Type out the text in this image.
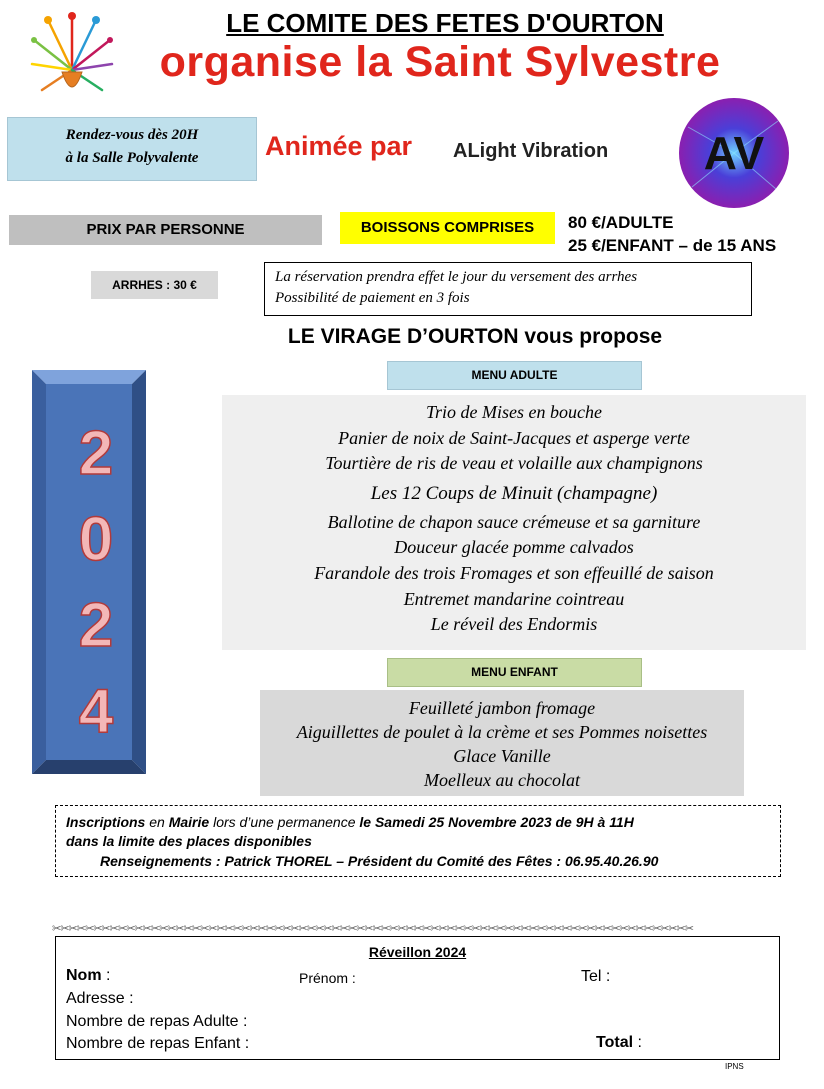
LE COMITE DES FETES D'OURTON
organise la Saint Sylvestre
Rendez-vous dès 20H
à la Salle Polyvalente	Animée par ALight Vibration AV
PRIX PAR PERSONNE	BOISSONS COMPRISES	80 €/ADULTE
25 €/ENFANT – de 15 ANS
ARRHES : 30 €	La réservation prendra effet le jour du versement des arrhes
Possibilité de paiement en 3 fois
LE VIRAGE D’OURTON vous propose
2
0
2
4
MENU ADULTE
Trio de Mises en bouche
Panier de noix de Saint-Jacques et asperge verte
Tourtière de ris de veau et volaille aux champignons
Les 12 Coups de Minuit (champagne)
Ballotine de chapon sauce crémeuse et sa garniture
Douceur glacée pomme calvados
Farandole des trois Fromages et son effeuillé de saison
Entremet mandarine cointreau
Le réveil des Endormis
MENU ENFANT
Feuilleté jambon fromage
Aiguillettes de poulet à la crème et ses Pommes noisettes
Glace Vanille
Moelleux au chocolat
Inscriptions en Mairie lors d’une permanence le Samedi 25 Novembre 2023 de 9H à 11H
dans la limite des places disponibles
Renseignements : Patrick THOREL – Président du Comité des Fêtes : 06.95.40.26.90
✂✂✂✂✂✂✂✂✂✂✂✂✂✂✂✂✂✂✂✂✂✂✂✂✂✂✂✂✂✂✂✂✂✂✂✂✂✂✂✂✂✂✂✂✂✂✂✂✂✂✂✂✂✂✂✂✂✂✂✂✂✂✂✂✂✂✂✂✂✂✂✂✂✂✂✂✂✂
Réveillon 2024
Nom :	Prénom :	Tel :
Adresse :
Nombre de repas Adulte :
Nombre de repas Enfant :	Total :
IPNS
